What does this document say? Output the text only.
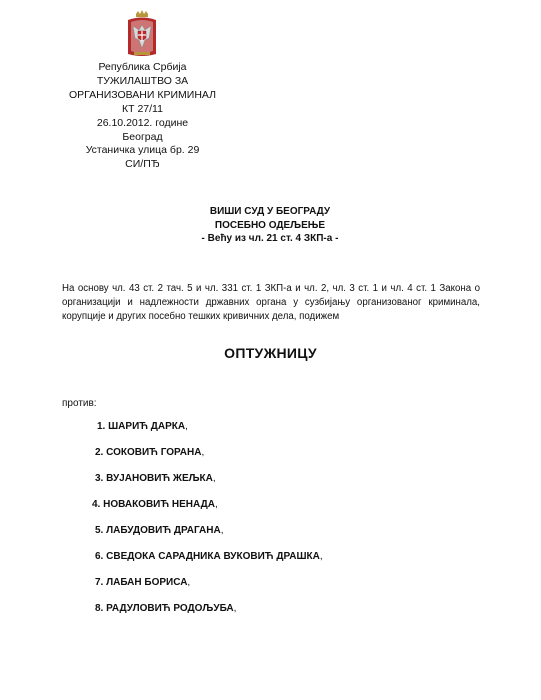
Република Србија
ТУЖИЛАШТВО ЗА
ОРГАНИЗОВАНИ КРИМИНАЛ
КТ 27/11
26.10.2012. године
Београд
Устаничка улица бр. 29
СИ/ПЂ
ВИШИ СУД У БЕОГРАДУ
ПОСЕБНО ОДЕЉЕЊЕ
- Већу из чл. 21 ст. 4 ЗКП-а -
На основу чл. 43 ст. 2 тач. 5 и чл. 331 ст. 1 ЗКП-а и чл. 2, чл. 3 ст. 1 и чл. 4 ст. 1 Закона о организацији и надлежности државних органа у сузбијању организованог криминала, корупције и других посебно тешких кривичних дела, подижем
ОПТУЖНИЦУ
против:
1. ШАРИЋ ДАРКА,
2. СОКОВИЋ ГОРАНА,
3. ВУЈАНОВИЋ ЖЕЉКА,
4. НОВАКОВИЋ НЕНАДА,
5. ЛАБУДОВИЋ ДРАГАНА,
6. СВЕДОКА САРАДНИКА ВУКОВИЋ ДРАШКА,
7. ЛАБАН БОРИСА,
8. РАДУЛОВИЋ РОДОЉУБА,
